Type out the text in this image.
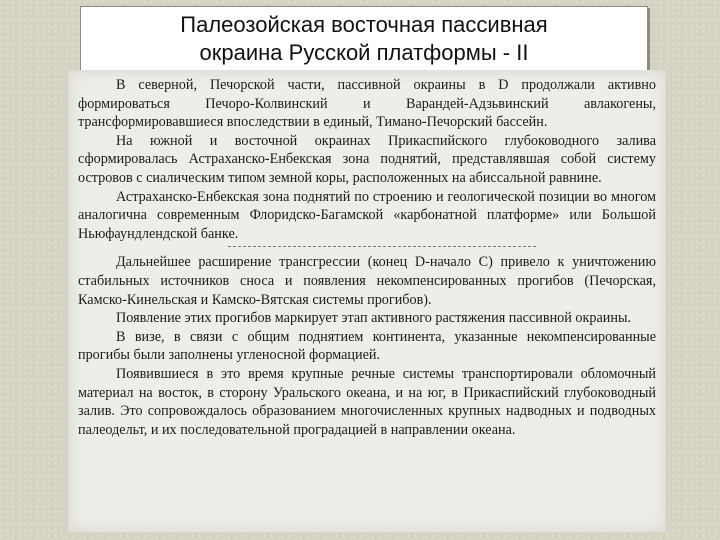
Палеозойская восточная пассивная
окраина Русской платформы - II

В северной, Печорской части, пассивной окраины в D продолжали активно формироваться Печоро-Колвинский и Варандей-Адзьвинский авлакогены, трансформировавшиеся впоследствии в единый, Тимано-Печорский бассейн.

На южной и восточной окраинах Прикаспийского глубоководного залива сформировалась Астраханско-Енбекская зона поднятий, представлявшая собой систему островов с сиалическим типом земной коры, расположенных на абиссальной равнине.

Астраханско-Енбекская зона поднятий по строению и геологической позиции во многом аналогична современным Флоридско-Багамской «карбонатной платформе» или Большой Ньюфаундлендской банке.

Дальнейшее расширение трансгрессии (конец D-начало C) привело к уничтожению стабильных источников сноса и появления некомпенсированных прогибов (Печорская, Камско-Кинельская и Камско-Вятская системы прогибов).

Появление этих прогибов маркирует этап активного растяжения пассивной окраины.

В визе, в связи с общим поднятием континента, указанные некомпенсированные прогибы были заполнены угленосной формацией.

Появившиеся в это время крупные речные системы транспортировали обломочный материал на восток, в сторону Уральского океана, и на юг, в Прикаспийский глубоководный залив. Это сопровождалось образованием многочисленных крупных надводных и подводных палеодельт, и их последовательной проградацией в направлении океана.
